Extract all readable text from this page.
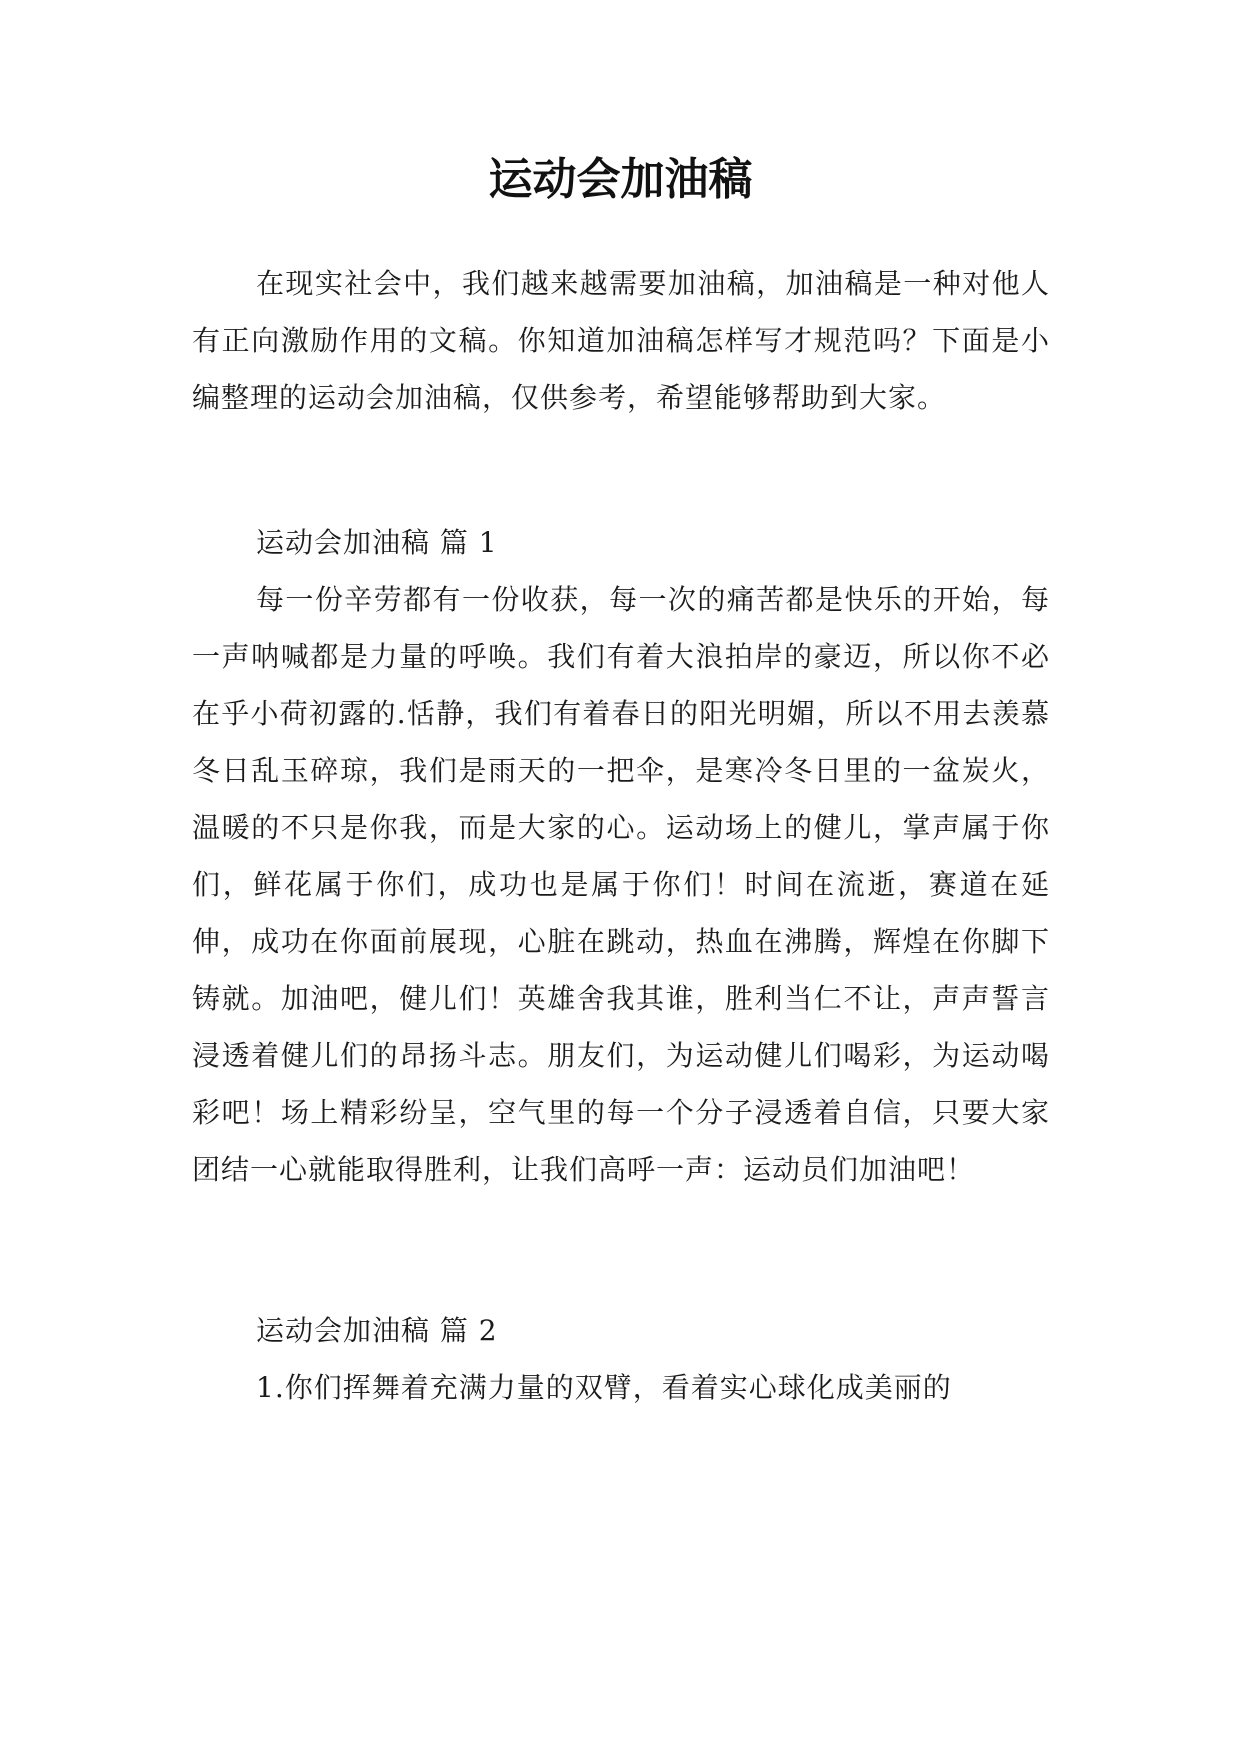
运动会加油稿

在现实社会中，我们越来越需要加油稿，加油稿是一种对他人有正向激励作用的文稿。你知道加油稿怎样写才规范吗？下面是小编整理的运动会加油稿，仅供参考，希望能够帮助到大家。

运动会加油稿 篇 1

每一份辛劳都有一份收获，每一次的痛苦都是快乐的开始，每一声呐喊都是力量的呼唤。我们有着大浪拍岸的豪迈，所以你不必在乎小荷初露的.恬静，我们有着春日的阳光明媚，所以不用去羡慕冬日乱玉碎琼，我们是雨天的一把伞，是寒冷冬日里的一盆炭火，温暖的不只是你我，而是大家的心。运动场上的健儿，掌声属于你们，鲜花属于你们，成功也是属于你们！时间在流逝，赛道在延伸，成功在你面前展现，心脏在跳动，热血在沸腾，辉煌在你脚下铸就。加油吧，健儿们！英雄舍我其谁，胜利当仁不让，声声誓言浸透着健儿们的昂扬斗志。朋友们，为运动健儿们喝彩，为运动喝彩吧！场上精彩纷呈，空气里的每一个分子浸透着自信，只要大家团结一心就能取得胜利，让我们高呼一声：运动员们加油吧！

运动会加油稿 篇 2

1.你们挥舞着充满力量的双臂，看着实心球化成美丽的
